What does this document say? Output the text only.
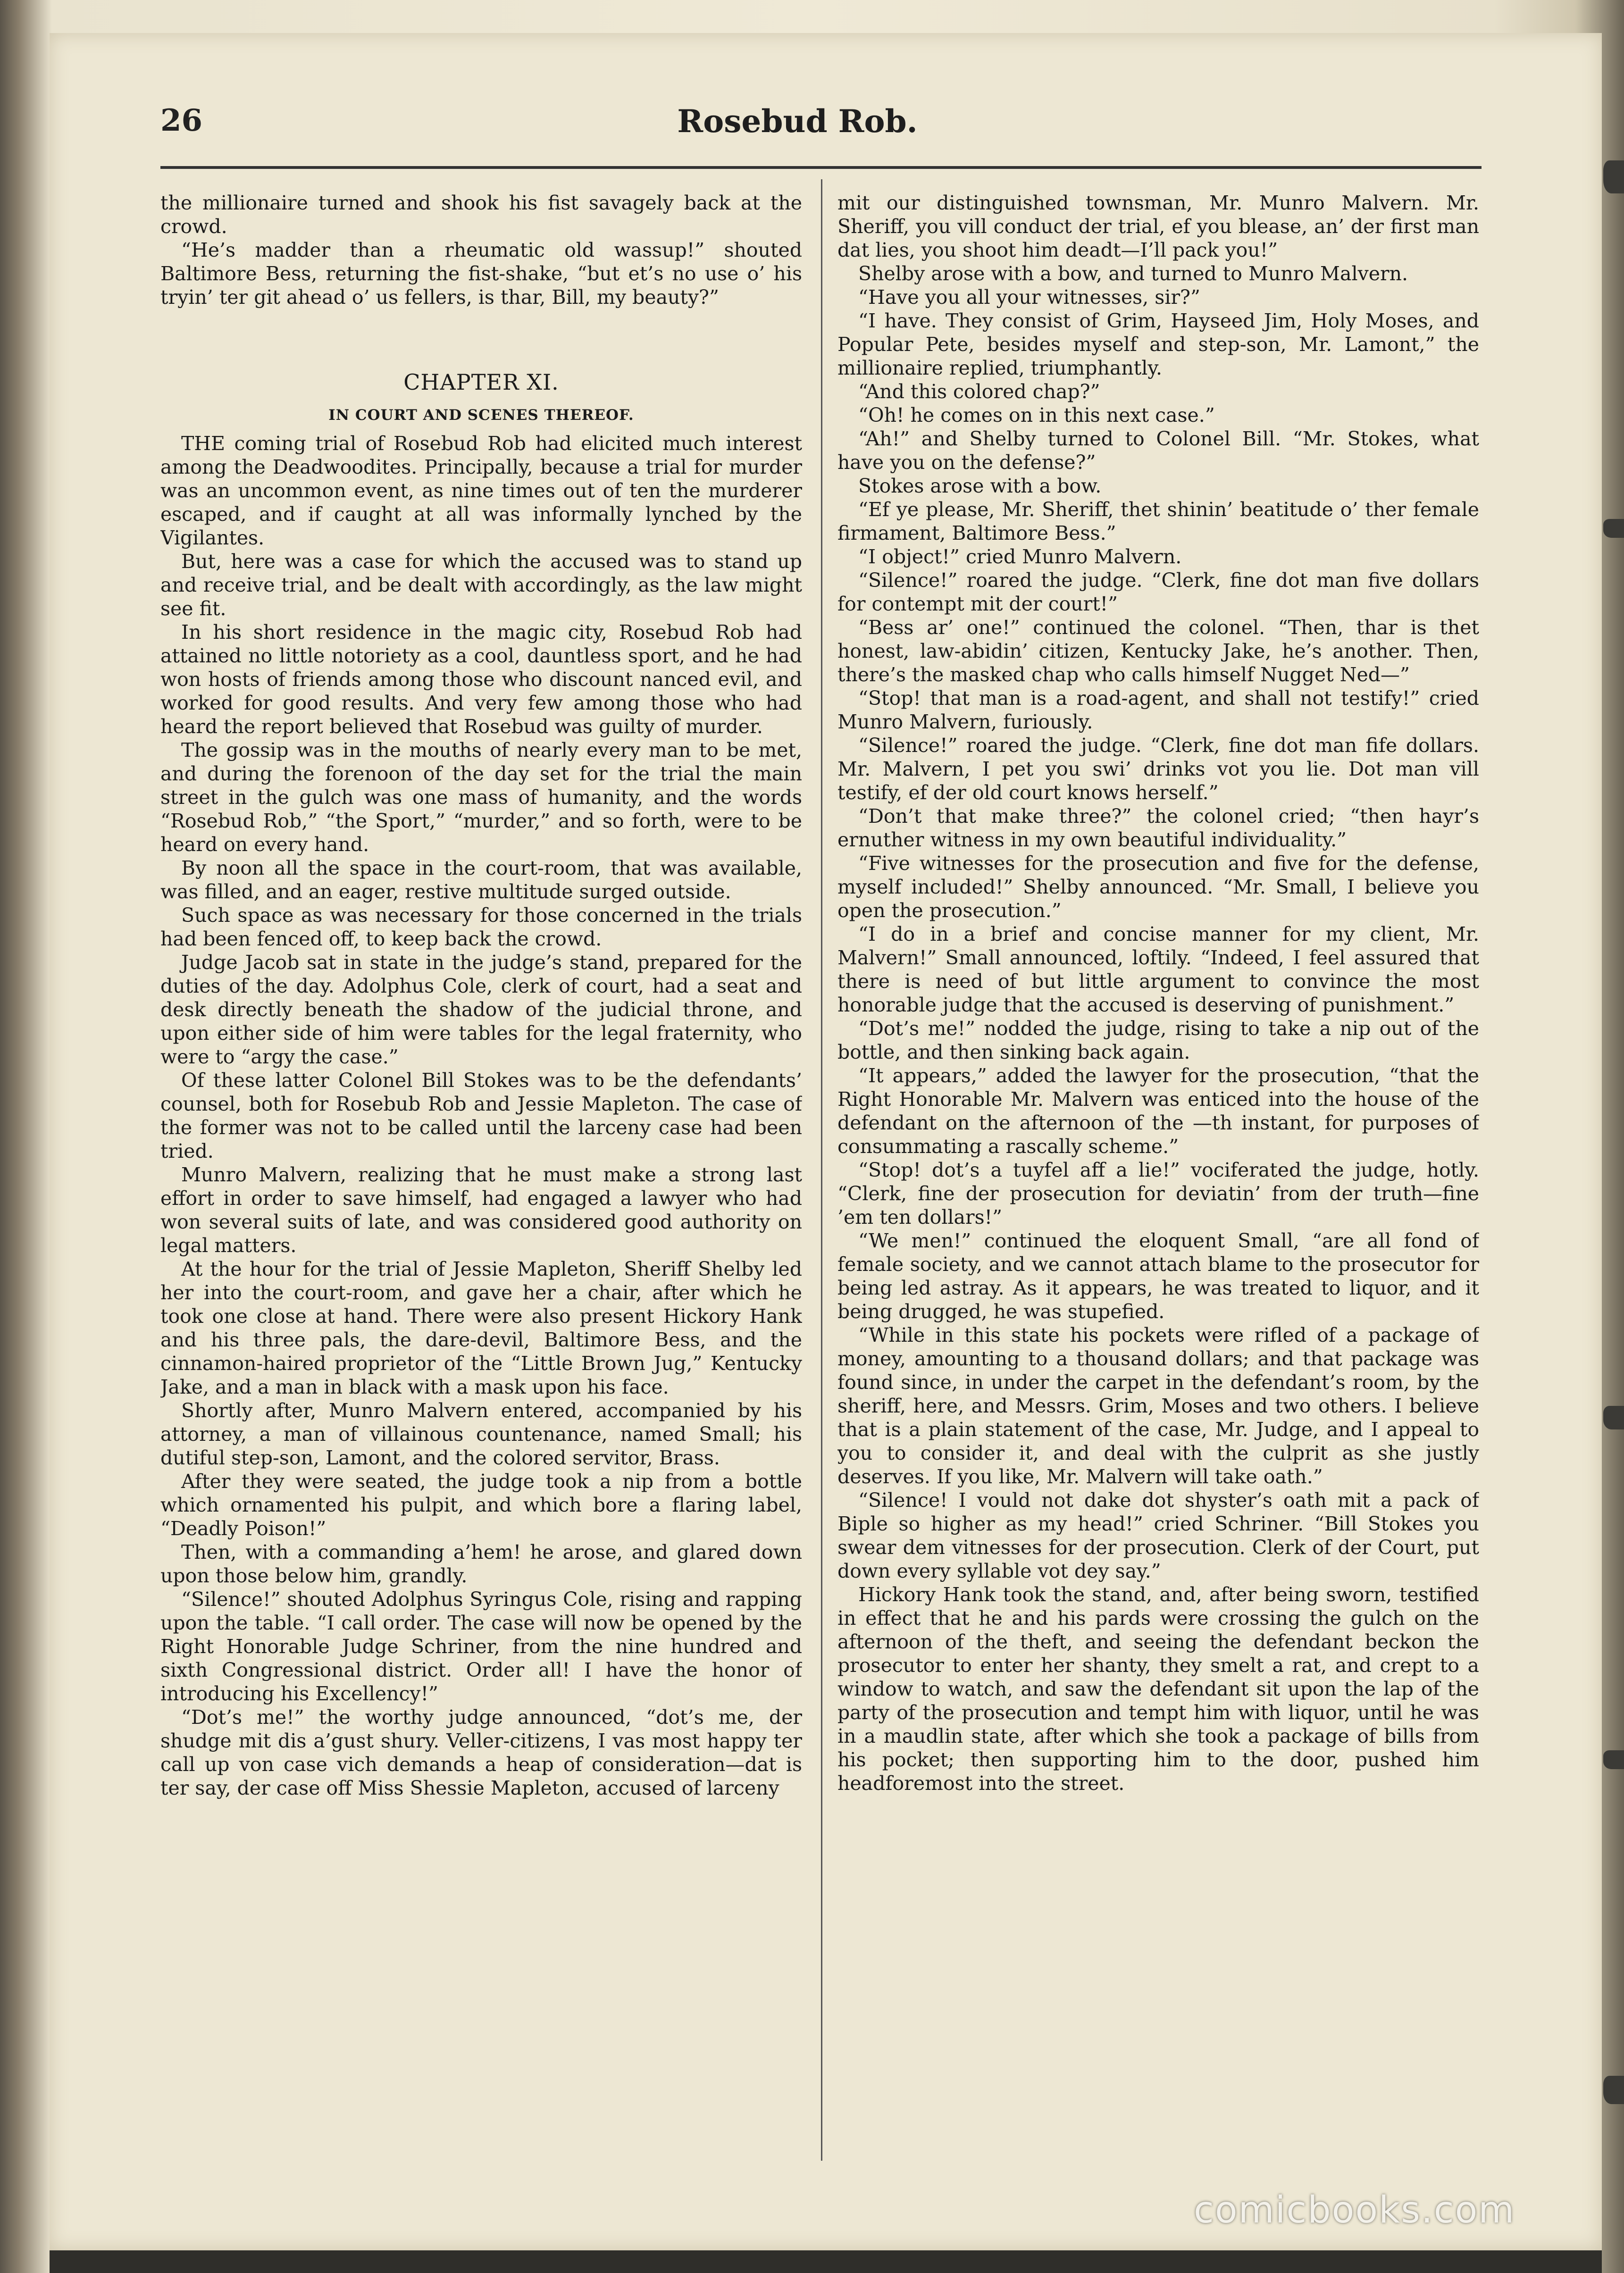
26	Rosebud Rob.

the millionaire turned and shook his fist savagely back at the crowd.

“He’s madder than a rheumatic old wassup!” shouted Baltimore Bess, returning the fist-shake, “but et’s no use o’ his tryin’ ter git ahead o’ us fellers, is thar, Bill, my beauty?”

CHAPTER XI.
IN COURT AND SCENES THEREOF.

THE coming trial of Rosebud Rob had elicited much interest among the Deadwoodites. Principally, because a trial for murder was an uncommon event, as nine times out of ten the murderer escaped, and if caught at all was informally lynched by the Vigilantes.

But, here was a case for which the accused was to stand up and receive trial, and be dealt with accordingly, as the law might see fit.

In his short residence in the magic city, Rosebud Rob had attained no little notoriety as a cool, dauntless sport, and he had won hosts of friends among those who discount nanced evil, and worked for good results. And very few among those who had heard the report believed that Rosebud was guilty of murder.

The gossip was in the mouths of nearly every man to be met, and during the forenoon of the day set for the trial the main street in the gulch was one mass of humanity, and the words “Rosebud Rob,” “the Sport,” “murder,” and so forth, were to be heard on every hand.

By noon all the space in the court-room, that was available, was filled, and an eager, restive multitude surged outside.

Such space as was necessary for those concerned in the trials had been fenced off, to keep back the crowd.

Judge Jacob sat in state in the judge’s stand, prepared for the duties of the day. Adolphus Cole, clerk of court, had a seat and desk directly beneath the shadow of the judicial throne, and upon either side of him were tables for the legal fraternity, who were to “argy the case.”

Of these latter Colonel Bill Stokes was to be the defendants’ counsel, both for Rosebub Rob and Jessie Mapleton. The case of the former was not to be called until the larceny case had been tried.

Munro Malvern, realizing that he must make a strong last effort in order to save himself, had engaged a lawyer who had won several suits of late, and was considered good authority on legal matters.

At the hour for the trial of Jessie Mapleton, Sheriff Shelby led her into the court-room, and gave her a chair, after which he took one close at hand. There were also present Hickory Hank and his three pals, the dare-devil, Baltimore Bess, and the cinnamon-haired proprietor of the “Little Brown Jug,” Kentucky Jake, and a man in black with a mask upon his face.

Shortly after, Munro Malvern entered, accompanied by his attorney, a man of villainous countenance, named Small; his dutiful step-son, Lamont, and the colored servitor, Brass.

After they were seated, the judge took a nip from a bottle which ornamented his pulpit, and which bore a flaring label, “Deadly Poison!”

Then, with a commanding a’hem! he arose, and glared down upon those below him, grandly.

“Silence!” shouted Adolphus Syringus Cole, rising and rapping upon the table. “I call order. The case will now be opened by the Right Honorable Judge Schriner, from the nine hundred and sixth Congressional district. Order all! I have the honor of introducing his Excellency!”

“Dot’s me!” the worthy judge announced, “dot’s me, der shudge mit dis a’gust shury. Veller-citizens, I vas most happy ter call up von case vich demands a heap of consideration—dat is ter say, der case off Miss Shessie Mapleton, accused of larceny

mit our distinguished townsman, Mr. Munro Malvern. Mr. Sheriff, you vill conduct der trial, ef you blease, an’ der first man dat lies, you shoot him deadt—I’ll pack you!”

Shelby arose with a bow, and turned to Munro Malvern.

“Have you all your witnesses, sir?”

“I have. They consist of Grim, Hayseed Jim, Holy Moses, and Popular Pete, besides myself and step-son, Mr. Lamont,” the millionaire replied, triumphantly.

“And this colored chap?”

“Oh! he comes on in this next case.”

“Ah!” and Shelby turned to Colonel Bill. “Mr. Stokes, what have you on the defense?”

Stokes arose with a bow.

“Ef ye please, Mr. Sheriff, thet shinin’ beatitude o’ ther female firmament, Baltimore Bess.”

“I object!” cried Munro Malvern.

“Silence!” roared the judge. “Clerk, fine dot man five dollars for contempt mit der court!”

“Bess ar’ one!” continued the colonel. “Then, thar is thet honest, law-abidin’ citizen, Kentucky Jake, he’s another. Then, there’s the masked chap who calls himself Nugget Ned—”

“Stop! that man is a road-agent, and shall not testify!” cried Munro Malvern, furiously.

“Silence!” roared the judge. “Clerk, fine dot man fife dollars. Mr. Malvern, I pet you swi’ drinks vot you lie. Dot man vill testify, ef der old court knows herself.”

“Don’t that make three?” the colonel cried; “then hayr’s ernuther witness in my own beautiful individuality.”

“Five witnesses for the prosecution and five for the defense, myself included!” Shelby announced. “Mr. Small, I believe you open the prosecution.”

“I do in a brief and concise manner for my client, Mr. Malvern!” Small announced, loftily. “Indeed, I feel assured that there is need of but little argument to convince the most honorable judge that the accused is deserving of punishment.”

“Dot’s me!” nodded the judge, rising to take a nip out of the bottle, and then sinking back again.

“It appears,” added the lawyer for the prosecution, “that the Right Honorable Mr. Malvern was enticed into the house of the defendant on the afternoon of the —th instant, for purposes of consummating a rascally scheme.”

“Stop! dot’s a tuyfel aff a lie!” vociferated the judge, hotly. “Clerk, fine der prosecution for deviatin’ from der truth—fine ’em ten dollars!”

“We men!” continued the eloquent Small, “are all fond of female society, and we cannot attach blame to the prosecutor for being led astray. As it appears, he was treated to liquor, and it being drugged, he was stupefied.

“While in this state his pockets were rifled of a package of money, amounting to a thousand dollars; and that package was found since, in under the carpet in the defendant’s room, by the sheriff, here, and Messrs. Grim, Moses and two others. I believe that is a plain statement of the case, Mr. Judge, and I appeal to you to consider it, and deal with the culprit as she justly deserves. If you like, Mr. Malvern will take oath.”

“Silence! I vould not dake dot shyster’s oath mit a pack of Biple so higher as my head!” cried Schriner. “Bill Stokes you swear dem vitnesses for der prosecution. Clerk of der Court, put down every syllable vot dey say.”

Hickory Hank took the stand, and, after being sworn, testified in effect that he and his pards were crossing the gulch on the afternoon of the theft, and seeing the defendant beckon the prosecutor to enter her shanty, they smelt a rat, and crept to a window to watch, and saw the defendant sit upon the lap of the party of the prosecution and tempt him with liquor, until he was in a maudlin state, after which she took a package of bills from his pocket; then supporting him to the door, pushed him headforemost into the street.

comicbooks.com
